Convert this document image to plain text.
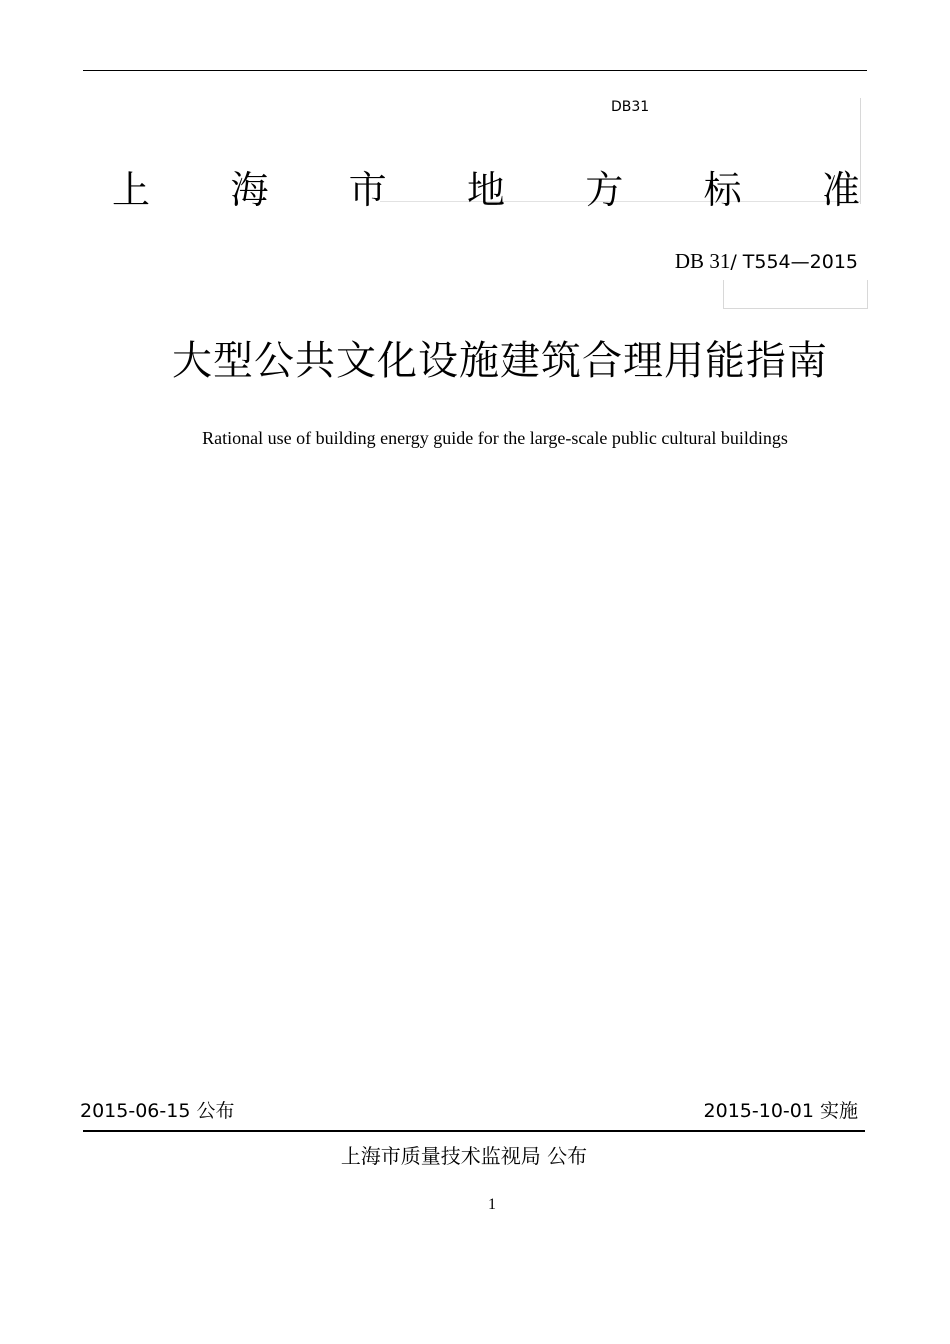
DB31
上 海 市 地 方 标 准
DB 31/ T554—2015
大型公共文化设施建筑合理用能指南
Rational use of building energy guide for the large-scale public cultural buildings
2015-06-15 公布	2015-10-01 实施
上海市质量技术监视局 公布
1
